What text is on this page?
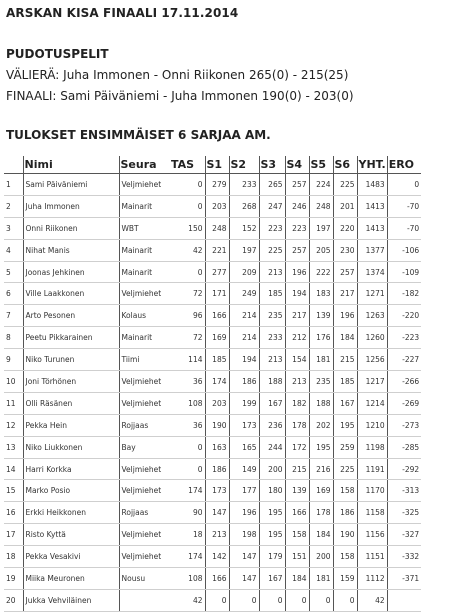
ARSKAN KISA FINAALI 17.11.2014
PUDOTUSPELIT
VÄLIERÄ: Juha Immonen - Onni Riikonen 265(0) - 215(25)
FINAALI: Sami Päiväniemi - Juha Immonen 190(0) - 203(0)
TULOKSET ENSIMMÄISET 6 SARJAA AM.
	Nimi	Seura	TAS	S1	S2	S3	S4	S5	S6	YHT.	ERO
1	Sami Päiväniemi	Veljmiehet	0	279	233	265	257	224	225	1483	0
2	Juha Immonen	Mainarit	0	203	268	247	246	248	201	1413	-70
3	Onni Riikonen	WBT	150	248	152	223	223	197	220	1413	-70
4	Nihat Manis	Mainarit	42	221	197	225	257	205	230	1377	-106
5	Joonas Jehkinen	Mainarit	0	277	209	213	196	222	257	1374	-109
6	Ville Laakkonen	Veljmiehet	72	171	249	185	194	183	217	1271	-182
7	Arto Pesonen	Kolaus	96	166	214	235	217	139	196	1263	-220
8	Peetu Pikkarainen	Mainarit	72	169	214	233	212	176	184	1260	-223
9	Niko Turunen	Tiimi	114	185	194	213	154	181	215	1256	-227
10	Joni Törhönen	Veljmiehet	36	174	186	188	213	235	185	1217	-266
11	Olli Räsänen	Veljmiehet	108	203	199	167	182	188	167	1214	-269
12	Pekka Hein	Rojjaas	36	190	173	236	178	202	195	1210	-273
13	Niko Liukkonen	Bay	0	163	165	244	172	195	259	1198	-285
14	Harri Korkka	Veljmiehet	0	186	149	200	215	216	225	1191	-292
15	Marko Posio	Veljmiehet	174	173	177	180	139	169	158	1170	-313
16	Erkki Heikkonen	Rojjaas	90	147	196	195	166	178	186	1158	-325
17	Risto Kyttä	Veljmiehet	18	213	198	195	158	184	190	1156	-327
18	Pekka Vesakivi	Veljmiehet	174	142	147	179	151	200	158	1151	-332
19	Miika Meuronen	Nousu	108	166	147	167	184	181	159	1112	-371
20	Jukka Vehviläinen		42	0	0	0	0	0	0	42	
